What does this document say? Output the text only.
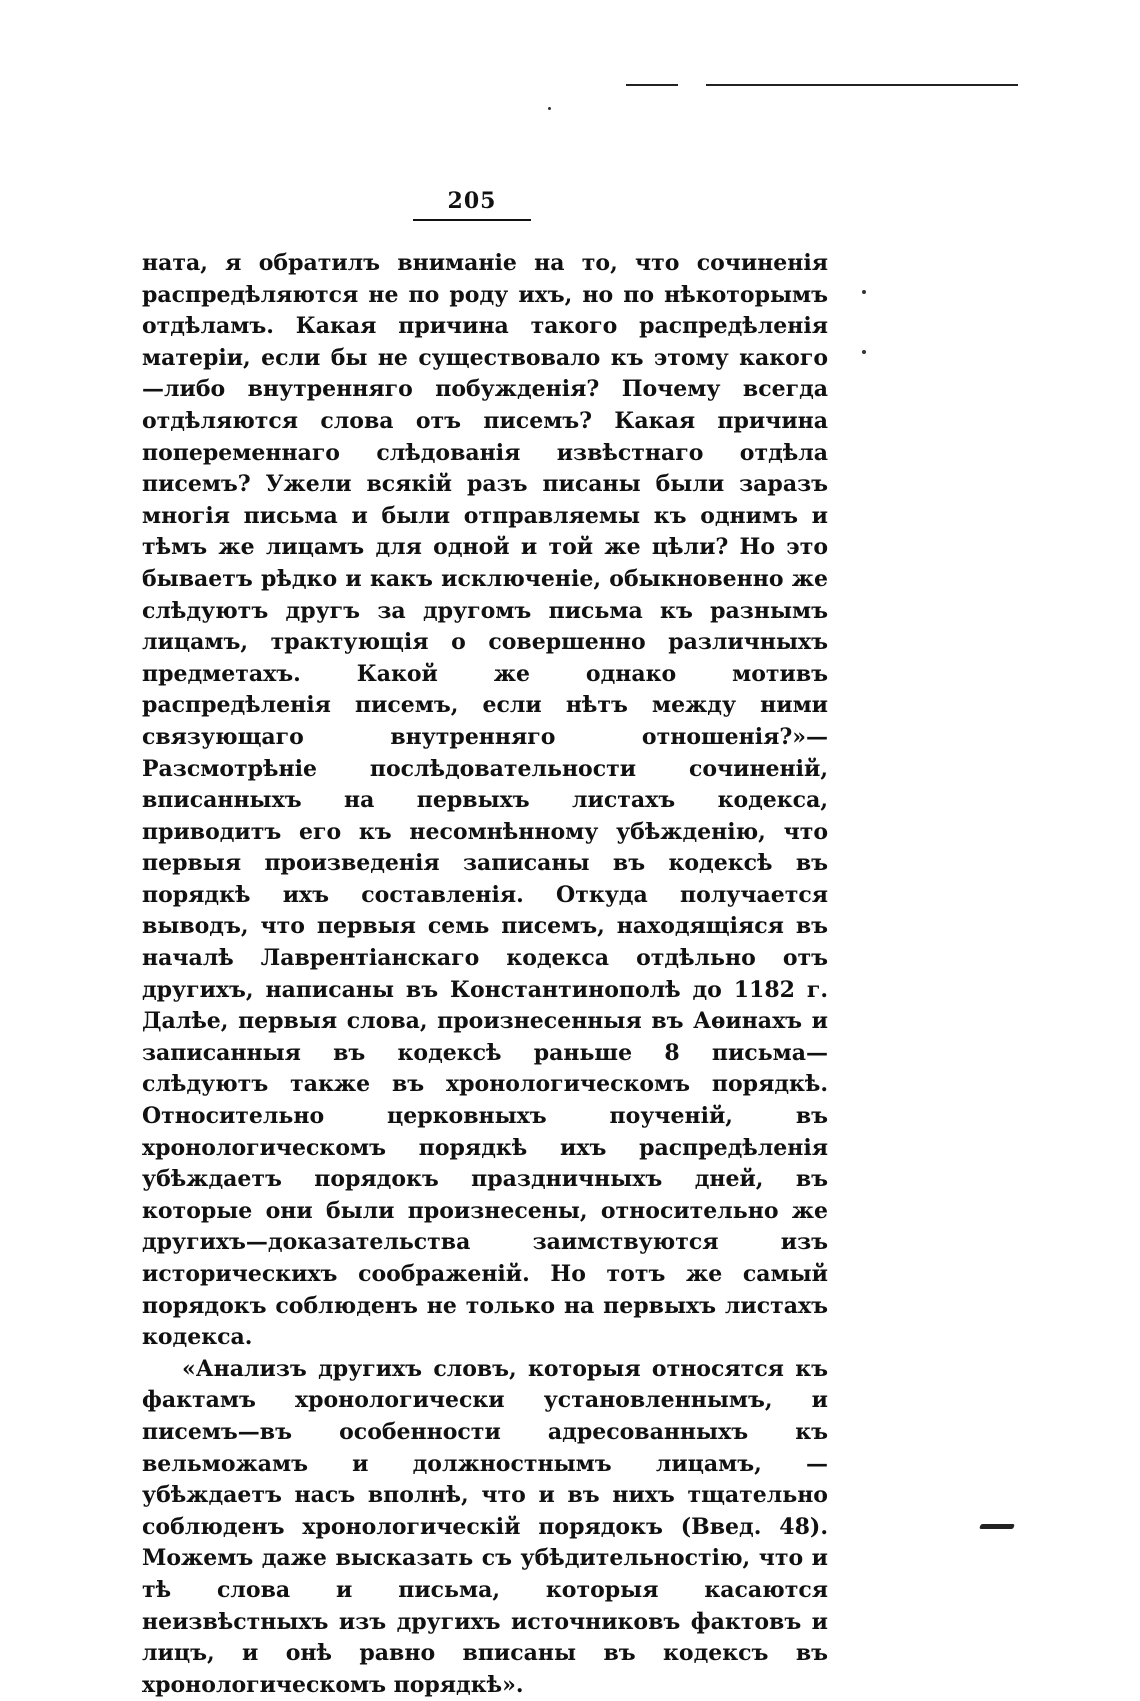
205

ната, я обратилъ вниманіе на то, что сочиненія распредѣляются не по роду ихъ, но по нѣкоторымъ отдѣламъ. Какая причина такого распредѣленія матеріи, если бы не существовало къ этому какого—либо внутренняго побужденія? Почему всегда отдѣляются слова отъ писемъ? Какая причина попеременнаго слѣдованія извѣстнаго отдѣла писемъ? Ужели всякій разъ писаны были заразъ многія письма и были отправляемы къ однимъ и тѣмъ же лицамъ для одной и той же цѣли? Но это бываетъ рѣдко и какъ исключеніе, обыкновенно же слѣдуютъ другъ за другомъ письма къ разнымъ лицамъ, трактующія о совершенно различныхъ предметахъ. Какой же однако мотивъ распредѣленія писемъ, если нѣтъ между ними связующаго внутренняго отношенія?»—Разсмотрѣніе послѣдовательности сочиненій, вписанныхъ на первыхъ листахъ кодекса, приводитъ его къ несомнѣнному убѣжденію, что первыя произведенія записаны въ кодексѣ въ порядкѣ ихъ составленія. Откуда получается выводъ, что первыя семь писемъ, находящіяся въ началѣ Лаврентіанскаго кодекса отдѣльно отъ другихъ, написаны въ Константинополѣ до 1182 г. Далѣе, первыя слова, произнесенныя въ Аѳинахъ и записанныя въ кодексѣ раньше 8 письма—слѣдуютъ также въ хронологическомъ порядкѣ. Относительно церковныхъ поученій, въ хронологическомъ порядкѣ ихъ распредѣленія убѣждаетъ порядокъ праздничныхъ дней, въ которые они были произнесены, относительно же другихъ—доказательства заимствуются изъ историческихъ соображеній. Но тотъ же самый порядокъ соблюденъ не только на первыхъ листахъ кодекса.

«Анализъ другихъ словъ, которыя относятся къ фактамъ хронологически установленнымъ, и писемъ—въ особенности адресованныхъ къ вельможамъ и должностнымъ лицамъ, — убѣждаетъ насъ вполнѣ, что и въ нихъ тщательно соблюденъ хронологическій порядокъ (Введ. 48). Можемъ даже высказать съ убѣдительностію, что и тѣ слова и письма, которыя касаются неизвѣстныхъ изъ другихъ источниковъ фактовъ и лицъ, и онѣ равно вписаны въ кодексъ въ хронологическомъ порядкѣ».
